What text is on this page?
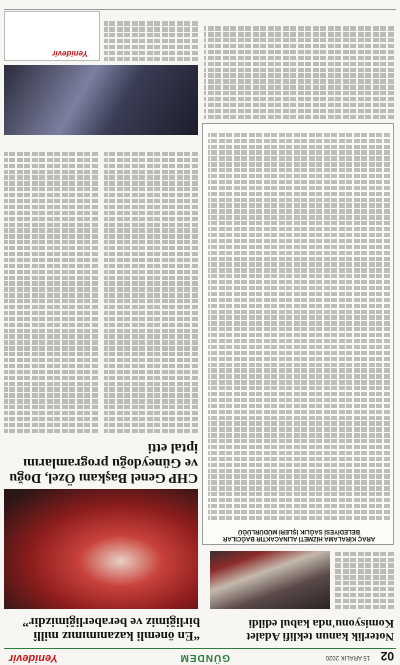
02
15 ARALIK 2020
GÜNDEM
Yenidevir
Noterlik kanun teklifi Adalet Komisyonu'nda kabul edildi
“En önemli kazanımımız millî birliğimiz ve beraberliğimizdir”
ARAÇ KİRALAMA HİZMETİ ALINACAKTIR BAĞCILAR BELEDİYESİ SAĞLIK İŞLERİ MÜDÜRLÜĞÜ
CHP Genel Başkanı Özel, Doğu ve Güneydoğu programlarını iptal etti
Yenidevir
